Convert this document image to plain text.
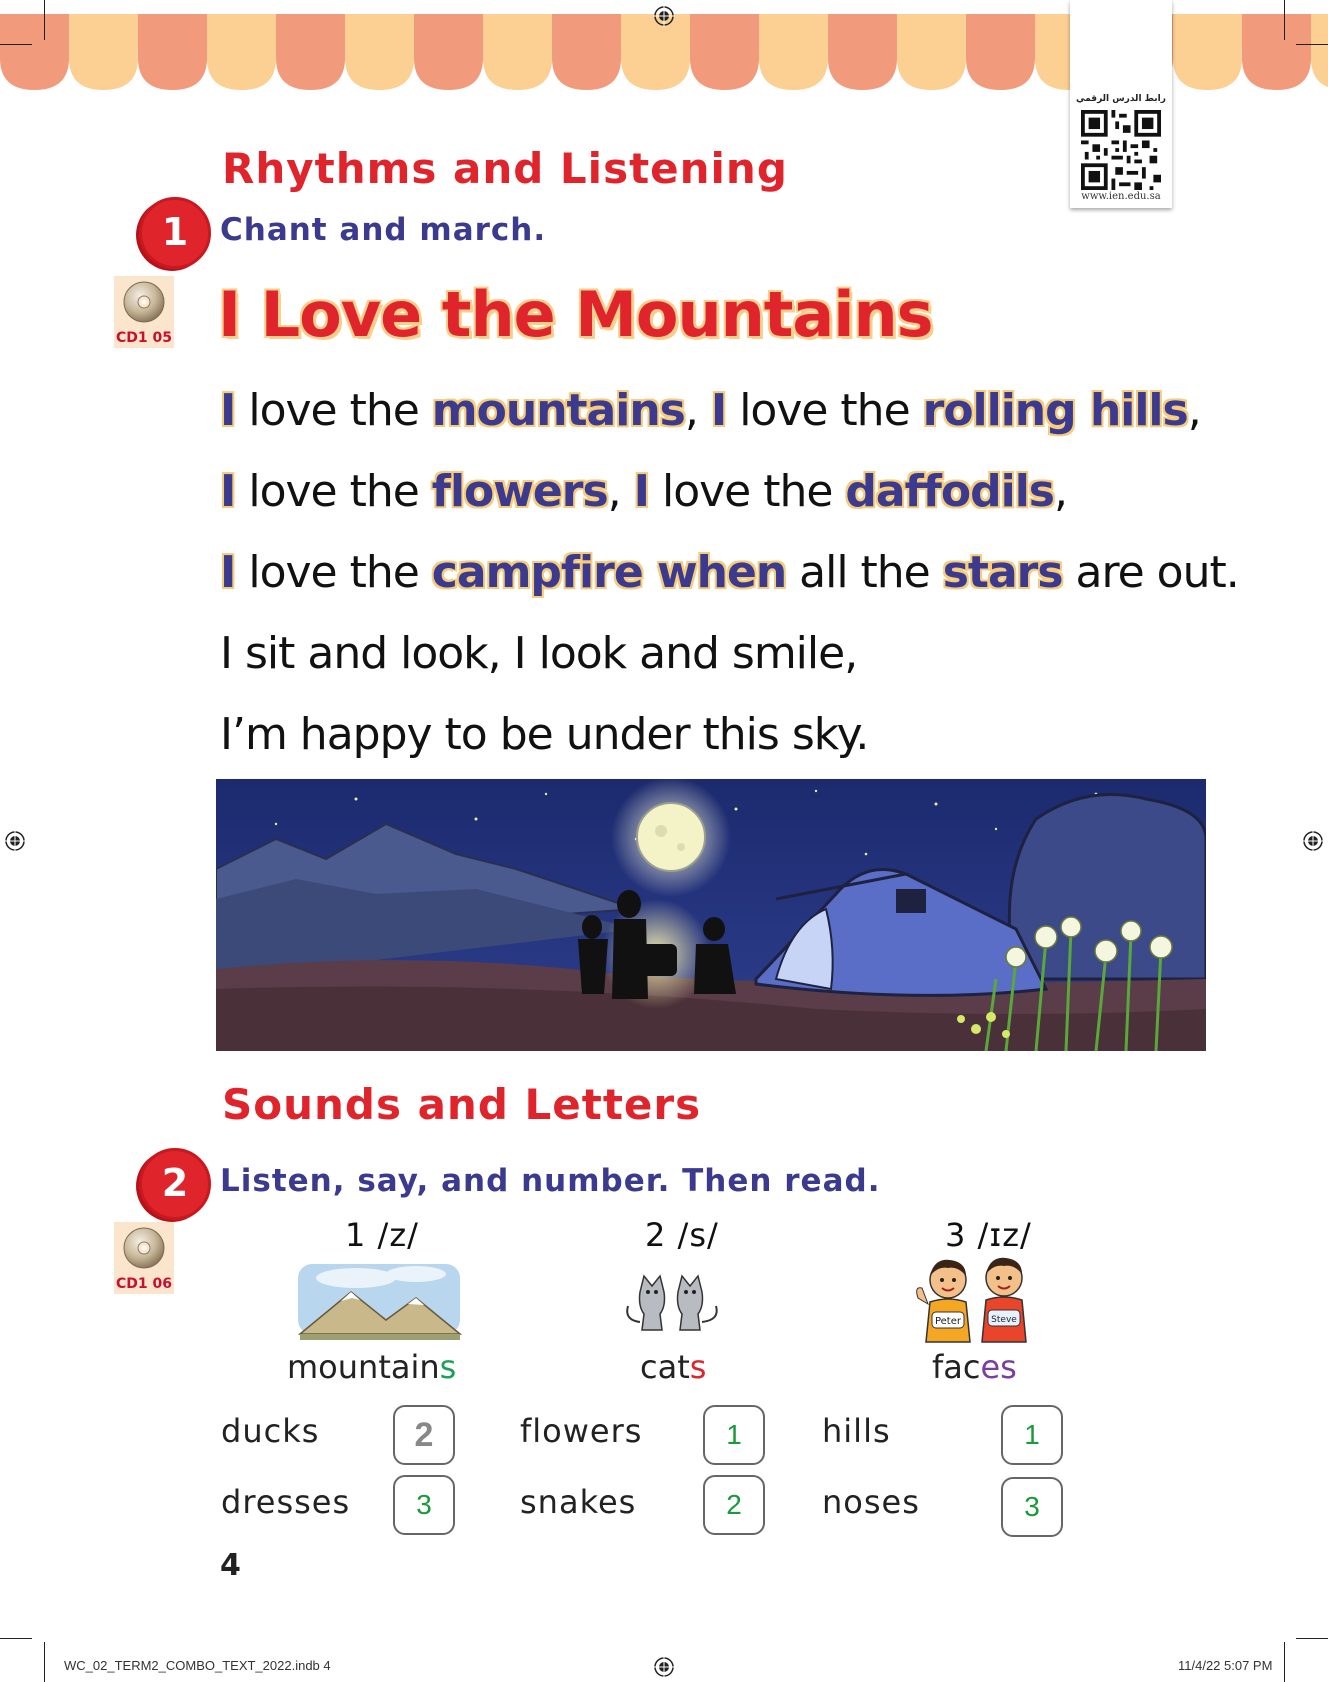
رابط الدرس الرقمي
www.ien.edu.sa
Rhythms and Listening
1	Chant and march.
CD1 05 I Love the Mountains
I love the mountains, I love the rolling hills,
I love the flowers, I love the daffodils,
I love the campfire when all the stars are out.
I sit and look, I look and smile,
I’m happy to be under this sky.
Sounds and Letters
2	Listen, say, and number. Then read.
CD1 06
1 /z/	2 /s/	3 /ɪz/
Peter	Steve
mountains	cats	faces
ducks	2	flowers	1	hills	1
dresses	3	snakes	2	noses	3
4
WC_02_TERM2_COMBO_TEXT_2022.indb 4	11/4/22 5:07 PM
